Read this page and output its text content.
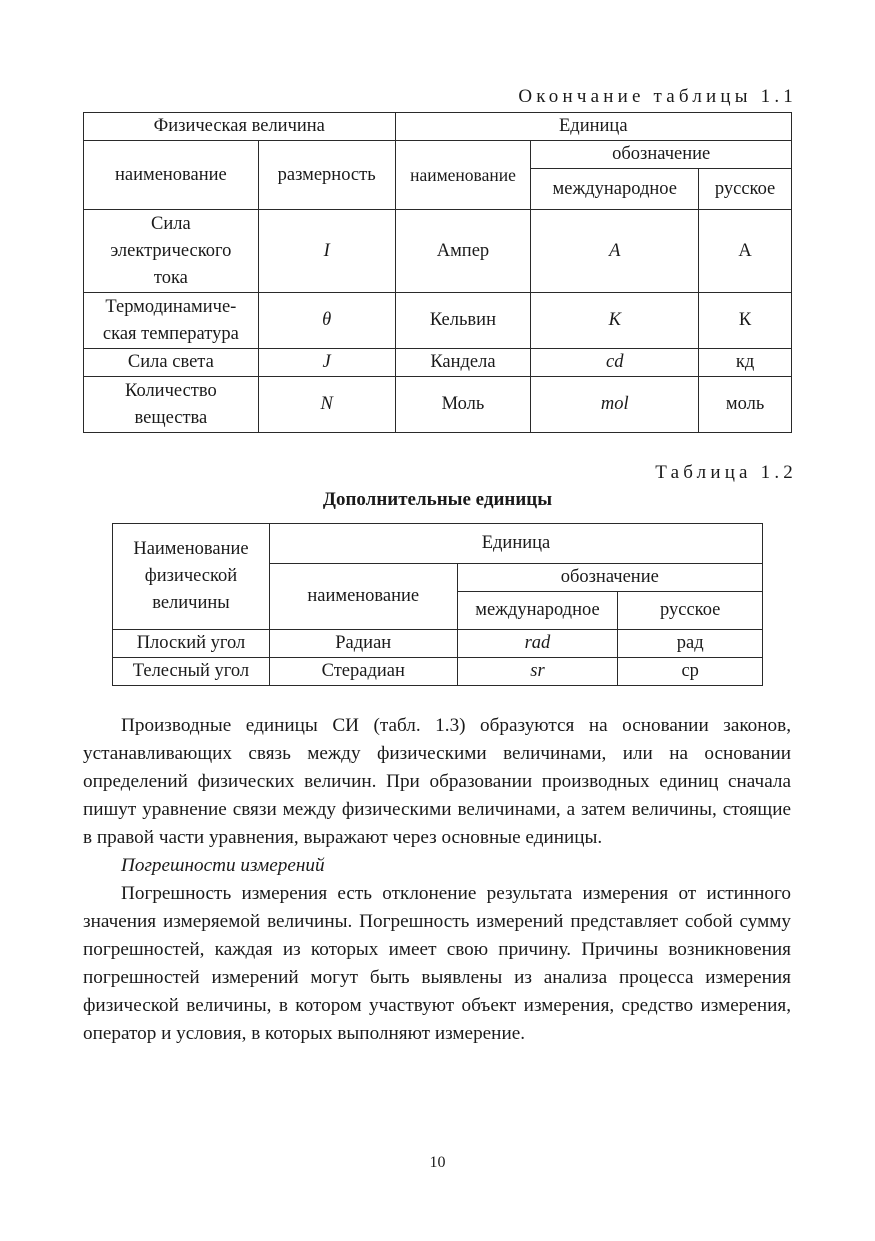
Окончание таблицы 1.1
Физическая величина		Единица		
наименование	размерность	наименование	обозначение	
			международное	русское
Сила
электрического
тока	I	Ампер	A	А
Термодинамиче-
ская температура	θ	Кельвин	K	К
Сила света	J	Кандела	cd	кд
Количество
вещества	N	Моль	mol	моль
Таблица 1.2
Дополнительные единицы
Наименование физической величины	Единица		
	наименование	обозначение	
		международное	русское
Плоский угол	Радиан	rad	рад
Телесный угол	Стерадиан	sr	ср

Производные единицы СИ (табл. 1.3) образуются на основании законов, устанавливающих связь между физическими величинами, или на основании определений физических величин. При образовании производных единиц сначала пишут уравнение связи между физическими величинами, а затем величины, стоящие в правой части уравнения, выражают через основные единицы.

Погрешности измерений

Погрешность измерения есть отклонение результата измерения от истинного значения измеряемой величины. Погрешность измерений представляет собой сумму погрешностей, каждая из которых имеет свою причину. Причины возникновения погрешностей измерений могут быть выявлены из анализа процесса измерения физической величины, в котором участвуют объект измерения, средство измерения, оператор и условия, в которых выполняют измерение.

10
